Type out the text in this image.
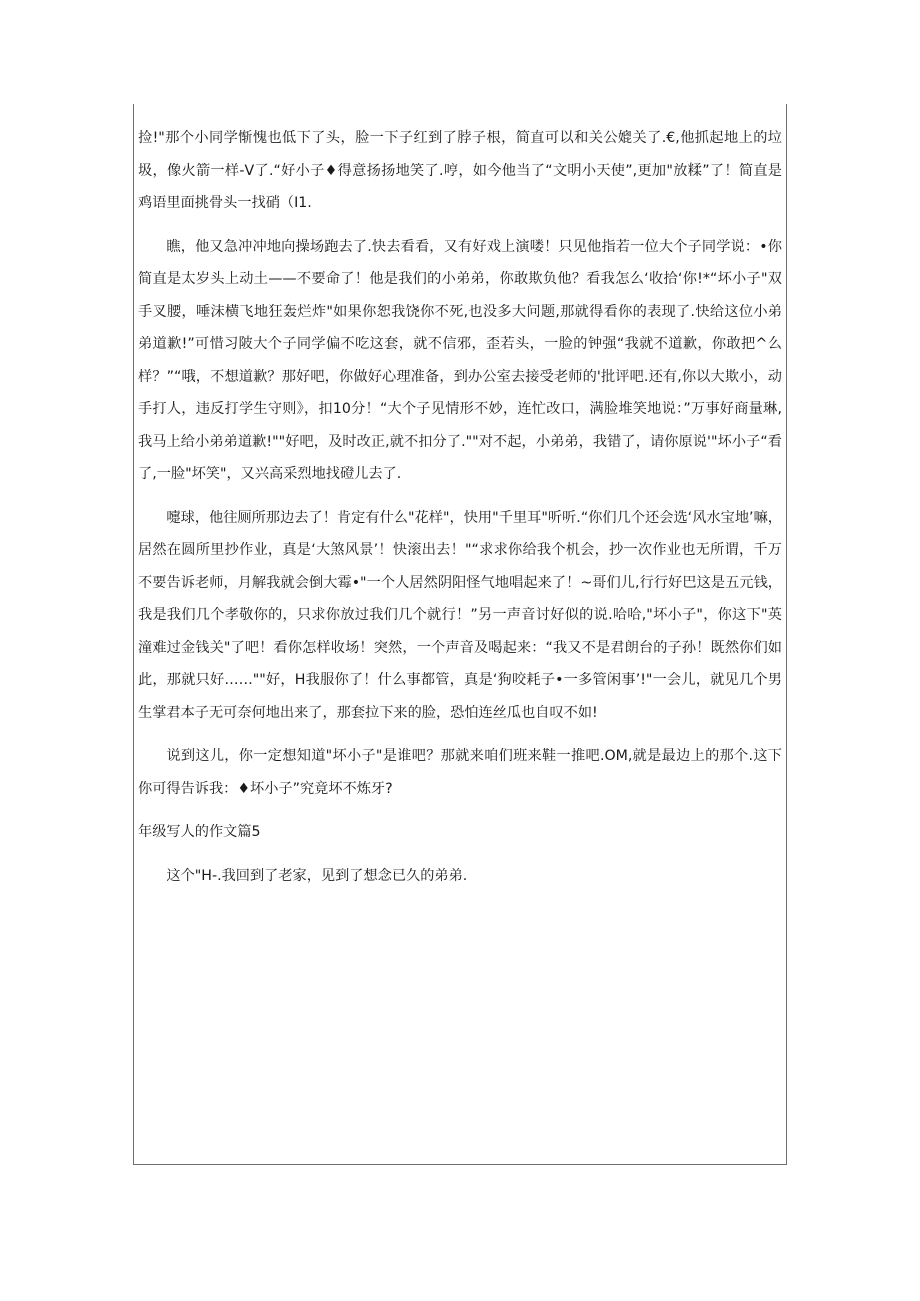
捡!"那个小同学惭愧也低下了头，脸一下子红到了脖子根，简直可以和关公媲关了.€,他抓起地上的垃圾，像火箭一样-V了.“好小子♦得意扬扬地笑了.哼，如今他当了“文明小天使”,更加"放糅”了！简直是鸡语里面挑骨头一找硝（I1.

瞧，他又急冲冲地向操场跑去了.快去看看，又有好戏上演喽！只见他指若一位大个子同学说：•你简直是太岁头上动土——不要命了！他是我们的小弟弟，你敢欺负他？看我怎么‘收拾‘你!*“坏小子"双手叉腰，唾沫横飞地狂轰烂炸"如果你恕我饶你不死,也没多大问题,那就得看你的表现了.快给这位小弟弟道歉!”可惜习陂大个子同学偏不吃这套，就不信邪，歪若头，一脸的钟强“我就不道歉，你敢把^么样？”“哦，不想道歉？那好吧，你做好心理准备，到办公室去接受老师的'批评吧.还有,你以大欺小，动手打人，违反打学生守则》，扣10分！“大个子见情形不妙，连忙改口，满脸堆笑地说：”万事好商量琳,我马上给小弟弟道歉!""好吧，及时改正,就不扣分了.""对不起，小弟弟，我错了，请你原说'"坏小子“看了,一脸"坏笑"，又兴高采烈地找磴儿去了.

嚏球，他往厕所那边去了！肯定有什么"花样"，快用"千里耳"听听.“你们几个还会选‘风水宝地’嘛，居然在圆所里抄作业，真是‘大煞风景’！快滚出去！"“求求你给我个机会，抄一次作业也无所谓，千万不要告诉老师，月解我就会倒大霉•"一个人居然阴阳怪气地唱起来了！~哥们儿,行行好巴这是五元钱，我是我们几个孝敬你的，只求你放过我们几个就行！”另一声音讨好似的说.哈哈,"坏小子"，你这下"英潼难过金钱关"了吧！看你怎样收场！突然，一个声音及喝起来：“我又不是君朗台的子孙！既然你们如此，那就只好……""好，H我服你了！什么事都管，真是‘狗咬耗子•一多管闲事’!"一会儿，就见几个男生掌君本子无可奈何地出来了，那套拉下来的脸，恐怕连丝瓜也自叹不如!

说到这儿，你一定想知道"坏小子"是谁吧？那就来咱们班来鞋一推吧.OM,就是最边上的那个.这下你可得告诉我：♦坏小子”究竟坏不炼牙?

年级写人的作文篇5

这个"H-.我回到了老家，见到了想念已久的弟弟.
